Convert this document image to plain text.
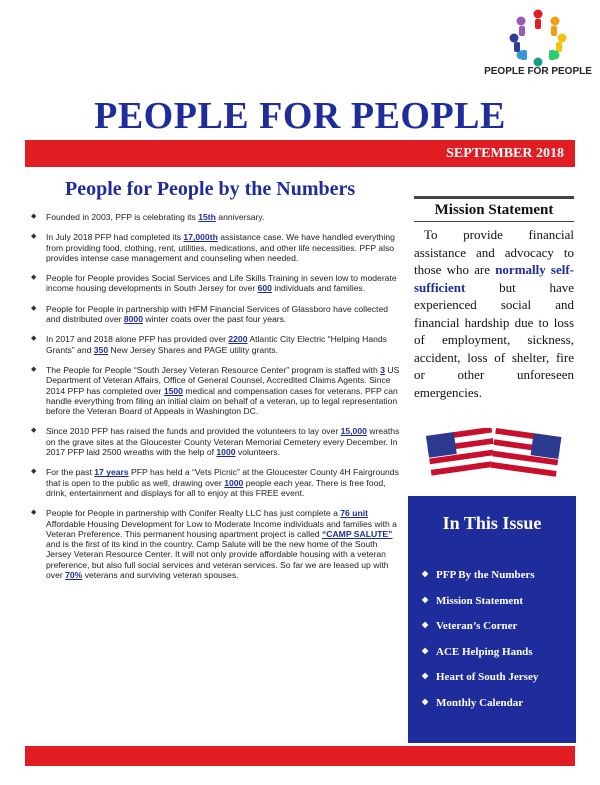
PEOPLE FOR PEOPLE
PEOPLE FOR PEOPLE
SEPTEMBER 2018
People for People by the Numbers
◆ Founded in 2003, PFP is celebrating its 15th anniversary.
◆ In July 2018 PFP had completed its 17,000th assistance case. We have handled everything from providing food, clothing, rent, utilities, medications, and other life necessities. PFP also provides intense case management and counseling when needed.
◆ People for People provides Social Services and Life Skills Training in seven low to moderate income housing developments in South Jersey for over 600 individuals and families.
◆ People for People in partnership with HFM Financial Services of Glassboro have collected and distributed over 8000 winter coats over the past four years.
◆ In 2017 and 2018 alone PFP has provided over 2200 Atlantic City Electric “Helping Hands Grants” and 350 New Jersey Shares and PAGE utility grants.
◆ The People for People “South Jersey Veteran Resource Center” program is staffed with 3 US Department of Veteran Affairs, Office of General Counsel, Accredited Claims Agents. Since 2014 PFP has completed over 1500 medical and compensation cases for veterans. PFP can handle everything from filing an initial claim on behalf of a veteran, up to legal representation before the Veteran Board of Appeals in Washington DC.
◆ Since 2010 PFP has raised the funds and provided the volunteers to lay over 15,000 wreaths on the grave sites at the Gloucester County Veteran Memorial Cemetery every December. In 2017 PFP laid 2500 wreaths with the help of 1000 volunteers.
◆ For the past 17 years PFP has held a “Vets Picnic” at the Gloucester County 4H Fairgrounds that is open to the public as well, drawing over 1000 people each year. There is free food, drink, entertainment and displays for all to enjoy at this FREE event.
◆ People for People in partnership with Conifer Realty LLC has just complete a 76 unit Affordable Housing Development for Low to Moderate Income individuals and families with a Veteran Preference. This permanent housing apartment project is called “CAMP SALUTE” and is the first of its kind in the country. Camp Salute will be the new home of the South Jersey Veteran Resource Center. It will not only provide affordable housing with a veteran preference, but also full social services and veteran services. So far we are leased up with over 70% veterans and surviving veteran spouses.
Mission Statement
To provide financial assistance and advocacy to those who are normally self-sufficient but have experienced social and financial hardship due to loss of employment, sickness, accident, loss of shelter, fire or other unforeseen emergencies.
In This Issue
◆ PFP By the Numbers
◆ Mission Statement
◆ Veteran’s Corner
◆ ACE Helping Hands
◆ Heart of South Jersey
◆ Monthly Calendar
